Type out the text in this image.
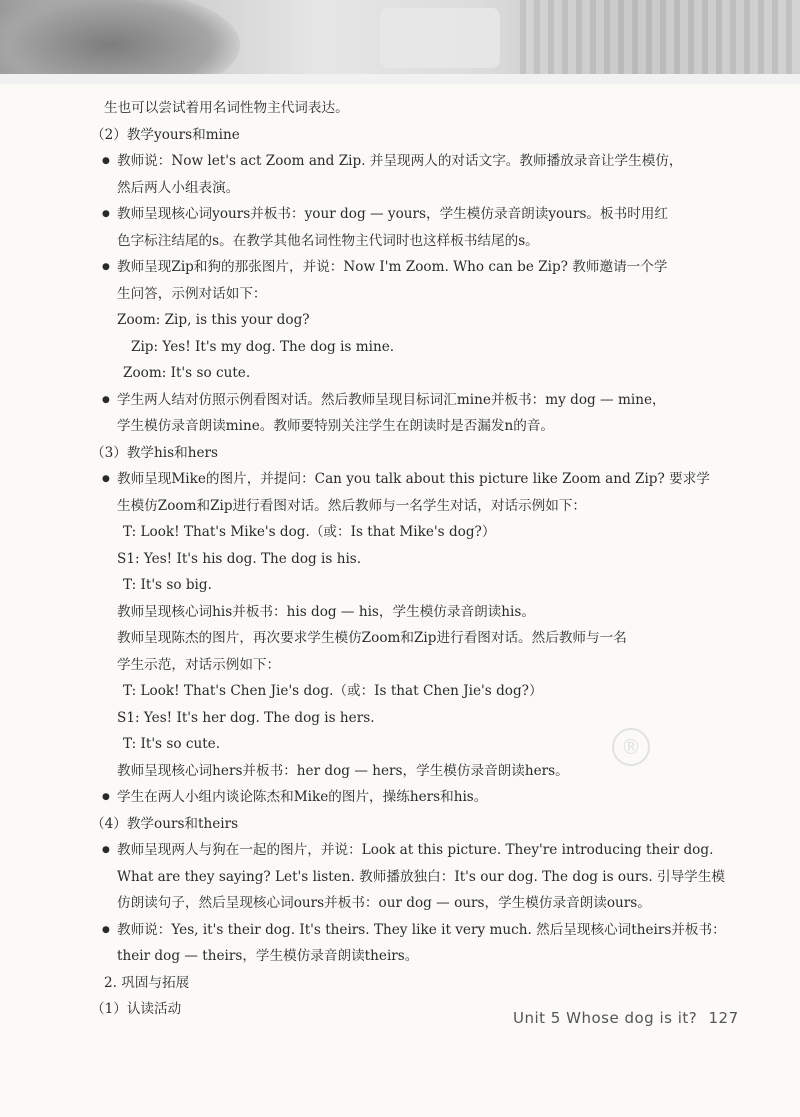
®
生也可以尝试着用名词性物主代词表达。
（2）教学yours和mine
● 教师说：Now let's act Zoom and Zip. 并呈现两人的对话文字。教师播放录音让学生模仿，
然后两人小组表演。
● 教师呈现核心词yours并板书：your dog — yours，学生模仿录音朗读yours。板书时用红
色字标注结尾的s。在教学其他名词性物主代词时也这样板书结尾的s。
● 教师呈现Zip和狗的那张图片，并说：Now I'm Zoom. Who can be Zip? 教师邀请一个学
生问答，示例对话如下：
Zoom: Zip, is this your dog?
Zip: Yes! It's my dog. The dog is mine.
Zoom: It's so cute.
● 学生两人结对仿照示例看图对话。然后教师呈现目标词汇mine并板书：my dog — mine，
学生模仿录音朗读mine。教师要特别关注学生在朗读时是否漏发n的音。
（3）教学his和hers
● 教师呈现Mike的图片，并提问：Can you talk about this picture like Zoom and Zip? 要求学
生模仿Zoom和Zip进行看图对话。然后教师与一名学生对话，对话示例如下：
T: Look! That's Mike's dog.（或：Is that Mike's dog?）
S1: Yes! It's his dog. The dog is his.
T: It's so big.
教师呈现核心词his并板书：his dog — his，学生模仿录音朗读his。
教师呈现陈杰的图片，再次要求学生模仿Zoom和Zip进行看图对话。然后教师与一名
学生示范，对话示例如下：
T: Look! That's Chen Jie's dog.（或：Is that Chen Jie's dog?）
S1: Yes! It's her dog. The dog is hers.
T: It's so cute.
教师呈现核心词hers并板书：her dog — hers，学生模仿录音朗读hers。
● 学生在两人小组内谈论陈杰和Mike的图片，操练hers和his。
（4）教学ours和theirs
● 教师呈现两人与狗在一起的图片，并说：Look at this picture. They're introducing their dog.
What are they saying? Let's listen. 教师播放独白：It's our dog. The dog is ours. 引导学生模
仿朗读句子，然后呈现核心词ours并板书：our dog — ours，学生模仿录音朗读ours。
● 教师说：Yes, it's their dog. It's theirs. They like it very much. 然后呈现核心词theirs并板书：
their dog — theirs，学生模仿录音朗读theirs。
2. 巩固与拓展
（1）认读活动	Unit 5 Whose dog is it? 127
